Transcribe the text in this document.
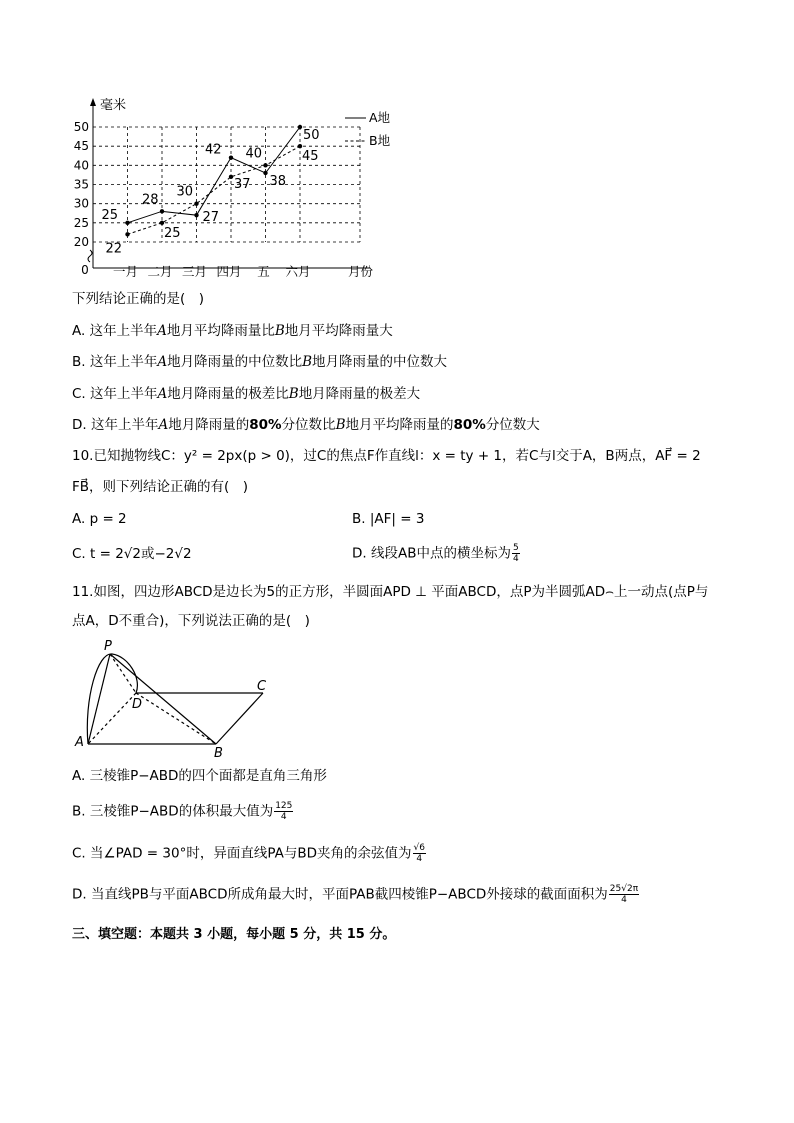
50
45
40
35
30
25
20
一月 二月 三月 四月 五 六月
0	月份
毫米
25
22
28
25
30
27
42
37
40
38
50
45
A地
B地
下列结论正确的是(　)
A. 这年上半年A地月平均降雨量比B地月平均降雨量大
B. 这年上半年A地月降雨量的中位数比B地月降雨量的中位数大
C. 这年上半年A地月降雨量的极差比B地月降雨量的极差大
D. 这年上半年A地月降雨量的80%分位数比B地月平均降雨量的80%分位数大
10.已知抛物线C：y² = 2px(p > 0)，过C的焦点F作直线l：x = ty + 1，若C与l交于A，B两点，AF⃗ = 2
FB⃗，则下列结论正确的有(　)
A. p = 2	B. |AF| = 3
C. t = 2√2或−2√2	D. 线段AB中点的横坐标为 $\frac{5}{4}$
11.如图，四边形ABCD是边长为5的正方形，半圆面APD ⊥ 平面ABCD，点P为半圆弧AD⌢上一动点(点P与
点A，D不重合)，下列说法正确的是(　)
P
D
C
A
B
A. 三棱锥P−ABD的四个面都是直角三角形
B. 三棱锥P−ABD的体积最大值为 $\frac{125}{4}$
C. 当∠PAD = 30°时，异面直线PA与BD夹角的余弦值为 $\frac{√6}{4}$
D. 当直线PB与平面ABCD所成角最大时，平面PAB截四棱锥P−ABCD外接球的截面面积为 $\frac{25√2\pi}{4}$
三、填空题：本题共 3 小题，每小题 5 分，共 15 分。
